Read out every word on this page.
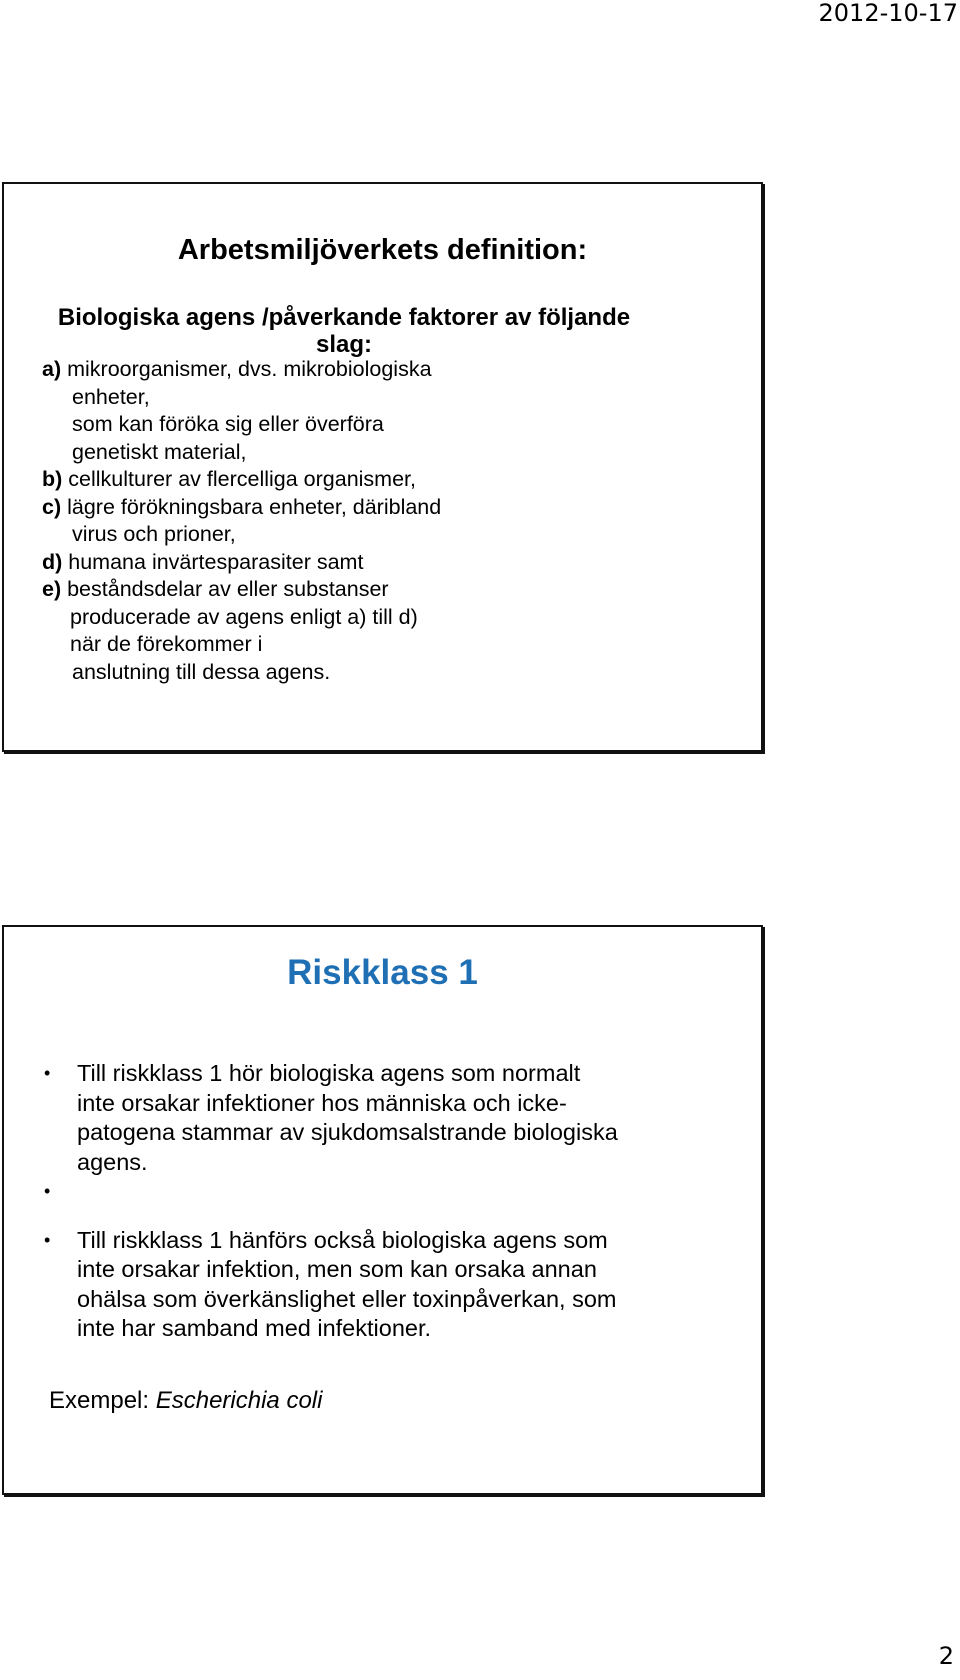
2012-10-17
Arbetsmiljöverkets definition:
Biologiska agens /påverkande faktorer av följande slag:
a) mikroorganismer, dvs. mikrobiologiska
enheter,
som kan föröka sig eller överföra
genetiskt material,
b) cellkulturer av flercelliga organismer,
c) lägre förökningsbara enheter, däribland
virus och prioner,
d) humana invärtesparasiter samt
e) beståndsdelar av eller substanser
producerade av agens enligt a) till d)
när de förekommer i
anslutning till dessa agens.
Riskklass 1
• Till riskklass 1 hör biologiska agens som normalt
inte orsakar infektioner hos människa och icke-
patogena stammar av sjukdomsalstrande biologiska
agens.
•

• Till riskklass 1 hänförs också biologiska agens som
inte orsakar infektion, men som kan orsaka annan
ohälsa som överkänslighet eller toxinpåverkan, som
inte har samband med infektioner.
Exempel: Escherichia coli
2
